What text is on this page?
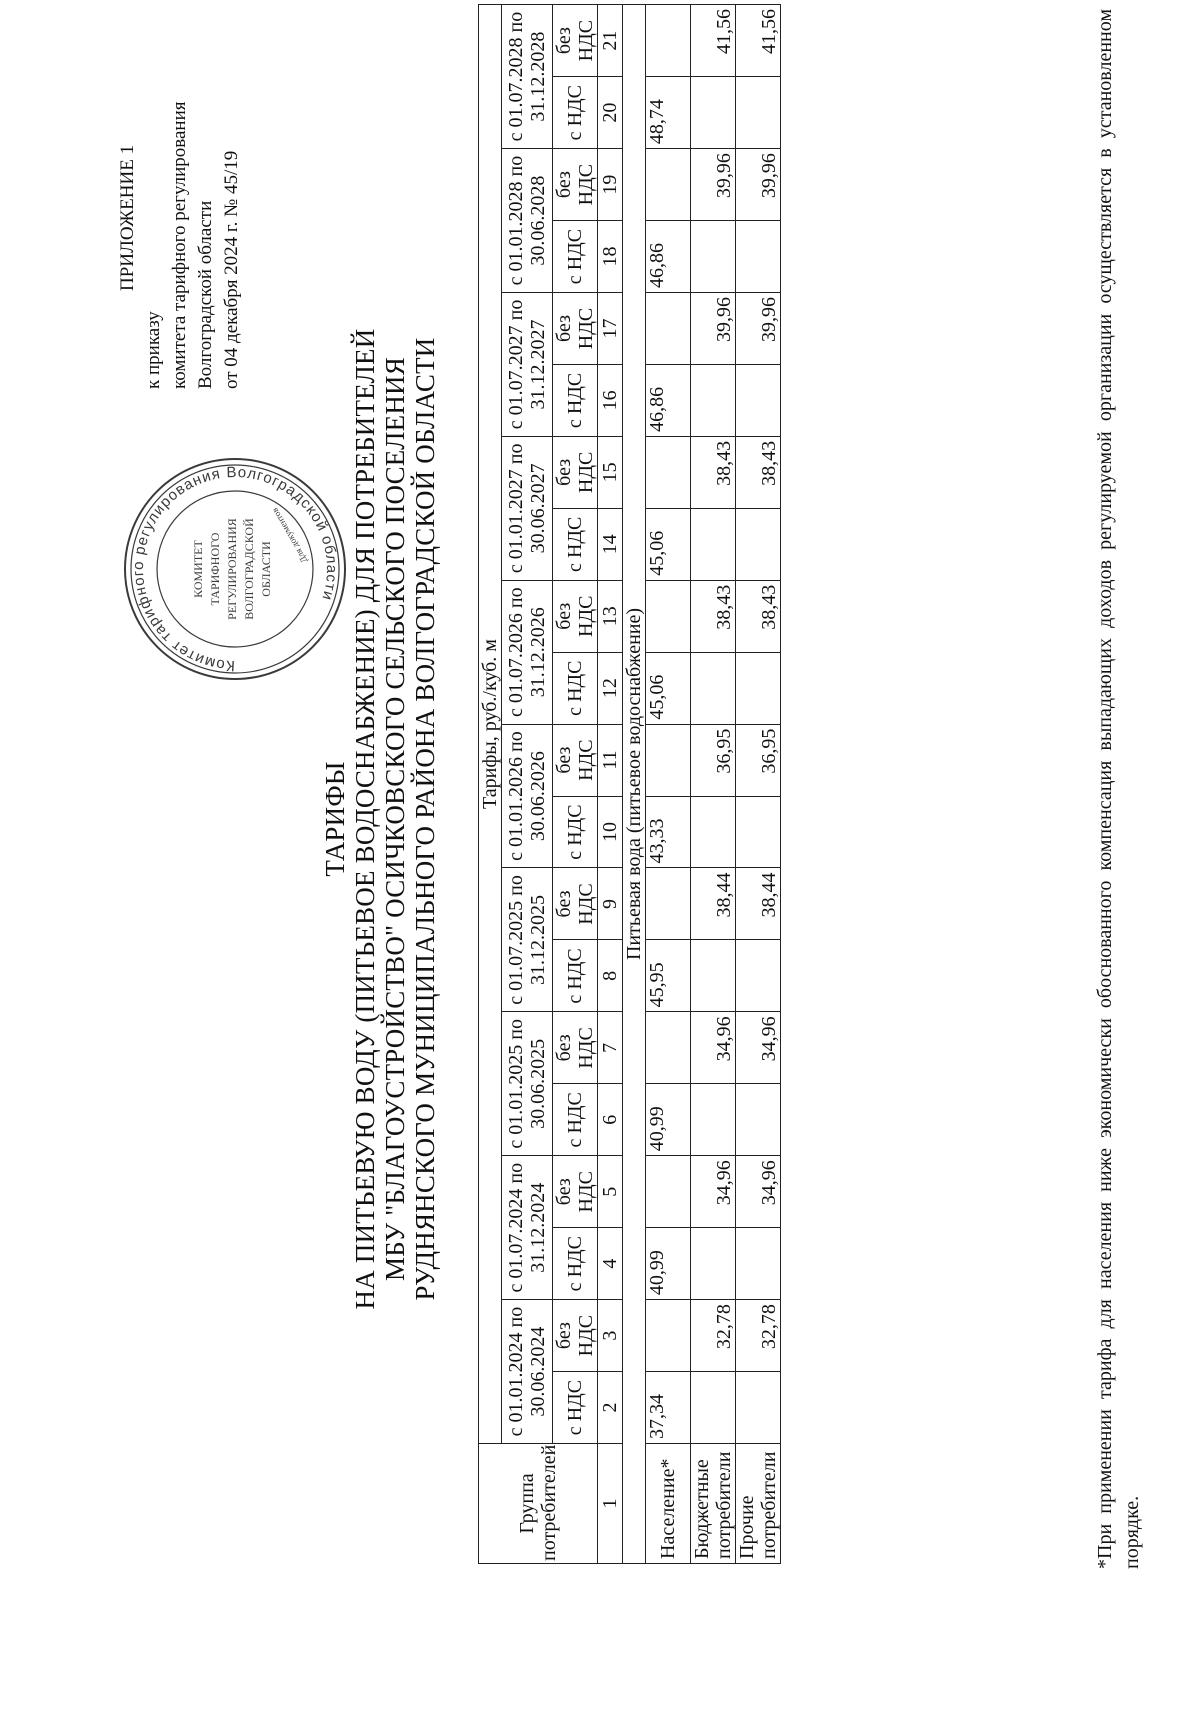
ПРИЛОЖЕНИЕ 1
к приказу комитета тарифного регулирования Волгоградской области от 04 декабря 2024 г. № 45/19
Комитет тарифного регулирования Волгоградской области
КОМИТЕТ ТАРИФНОГО РЕГУЛИРОВАНИЯ ВОЛГОГРАДСКОЙ ОБЛАСТИ
Для документов
ТАРИФЫ НА ПИТЬЕВУЮ ВОДУ (ПИТЬЕВОЕ ВОДОСНАБЖЕНИЕ) ДЛЯ ПОТРЕБИТЕЛЕЙ МБУ "БЛАГОУСТРОЙСТВО" ОСИЧКОВСКОГО СЕЛЬСКОГО ПОСЕЛЕНИЯ РУДНЯНСКОГО МУНИЦИПАЛЬНОГО РАЙОНА ВОЛГОГРАДСКОЙ ОБЛАСТИ
Группа потребителей	Тарифы, руб./куб. м																			
	с 01.01.2024 по 30.06.2024		с 01.07.2024 по 31.12.2024		с 01.01.2025 по 30.06.2025		с 01.07.2025 по 31.12.2025		с 01.01.2026 по 30.06.2026		с 01.07.2026 по 31.12.2026		с 01.01.2027 по 30.06.2027		с 01.07.2027 по 31.12.2027		с 01.01.2028 по 30.06.2028		с 01.07.2028 по 31.12.2028	
	с НДС	без НДС	с НДС	без НДС	с НДС	без НДС	с НДС	без НДС	с НДС	без НДС	с НДС	без НДС	с НДС	без НДС	с НДС	без НДС	с НДС	без НДС	с НДС	без НДС
1	2	3	4	5	6	7	8	9	10	11	12	13	14	15	16	17	18	19	20	21
Питьевая вода (питьевое водоснабжение)																				
Население*	37,34		40,99		40,99		45,95		43,33		45,06		45,06		46,86		46,86		48,74	
Бюджетные потребители		32,78		34,96		34,96		38,44		36,95		38,43		38,43		39,96		39,96		41,56
Прочие потребители		32,78		34,96		34,96		38,44		36,95		38,43		38,43		39,96		39,96		41,56	*При применении тарифа для населения ниже экономически обоснованного компенсация выпадающих доходов регулируемой организации осуществляется в установленном порядке.
